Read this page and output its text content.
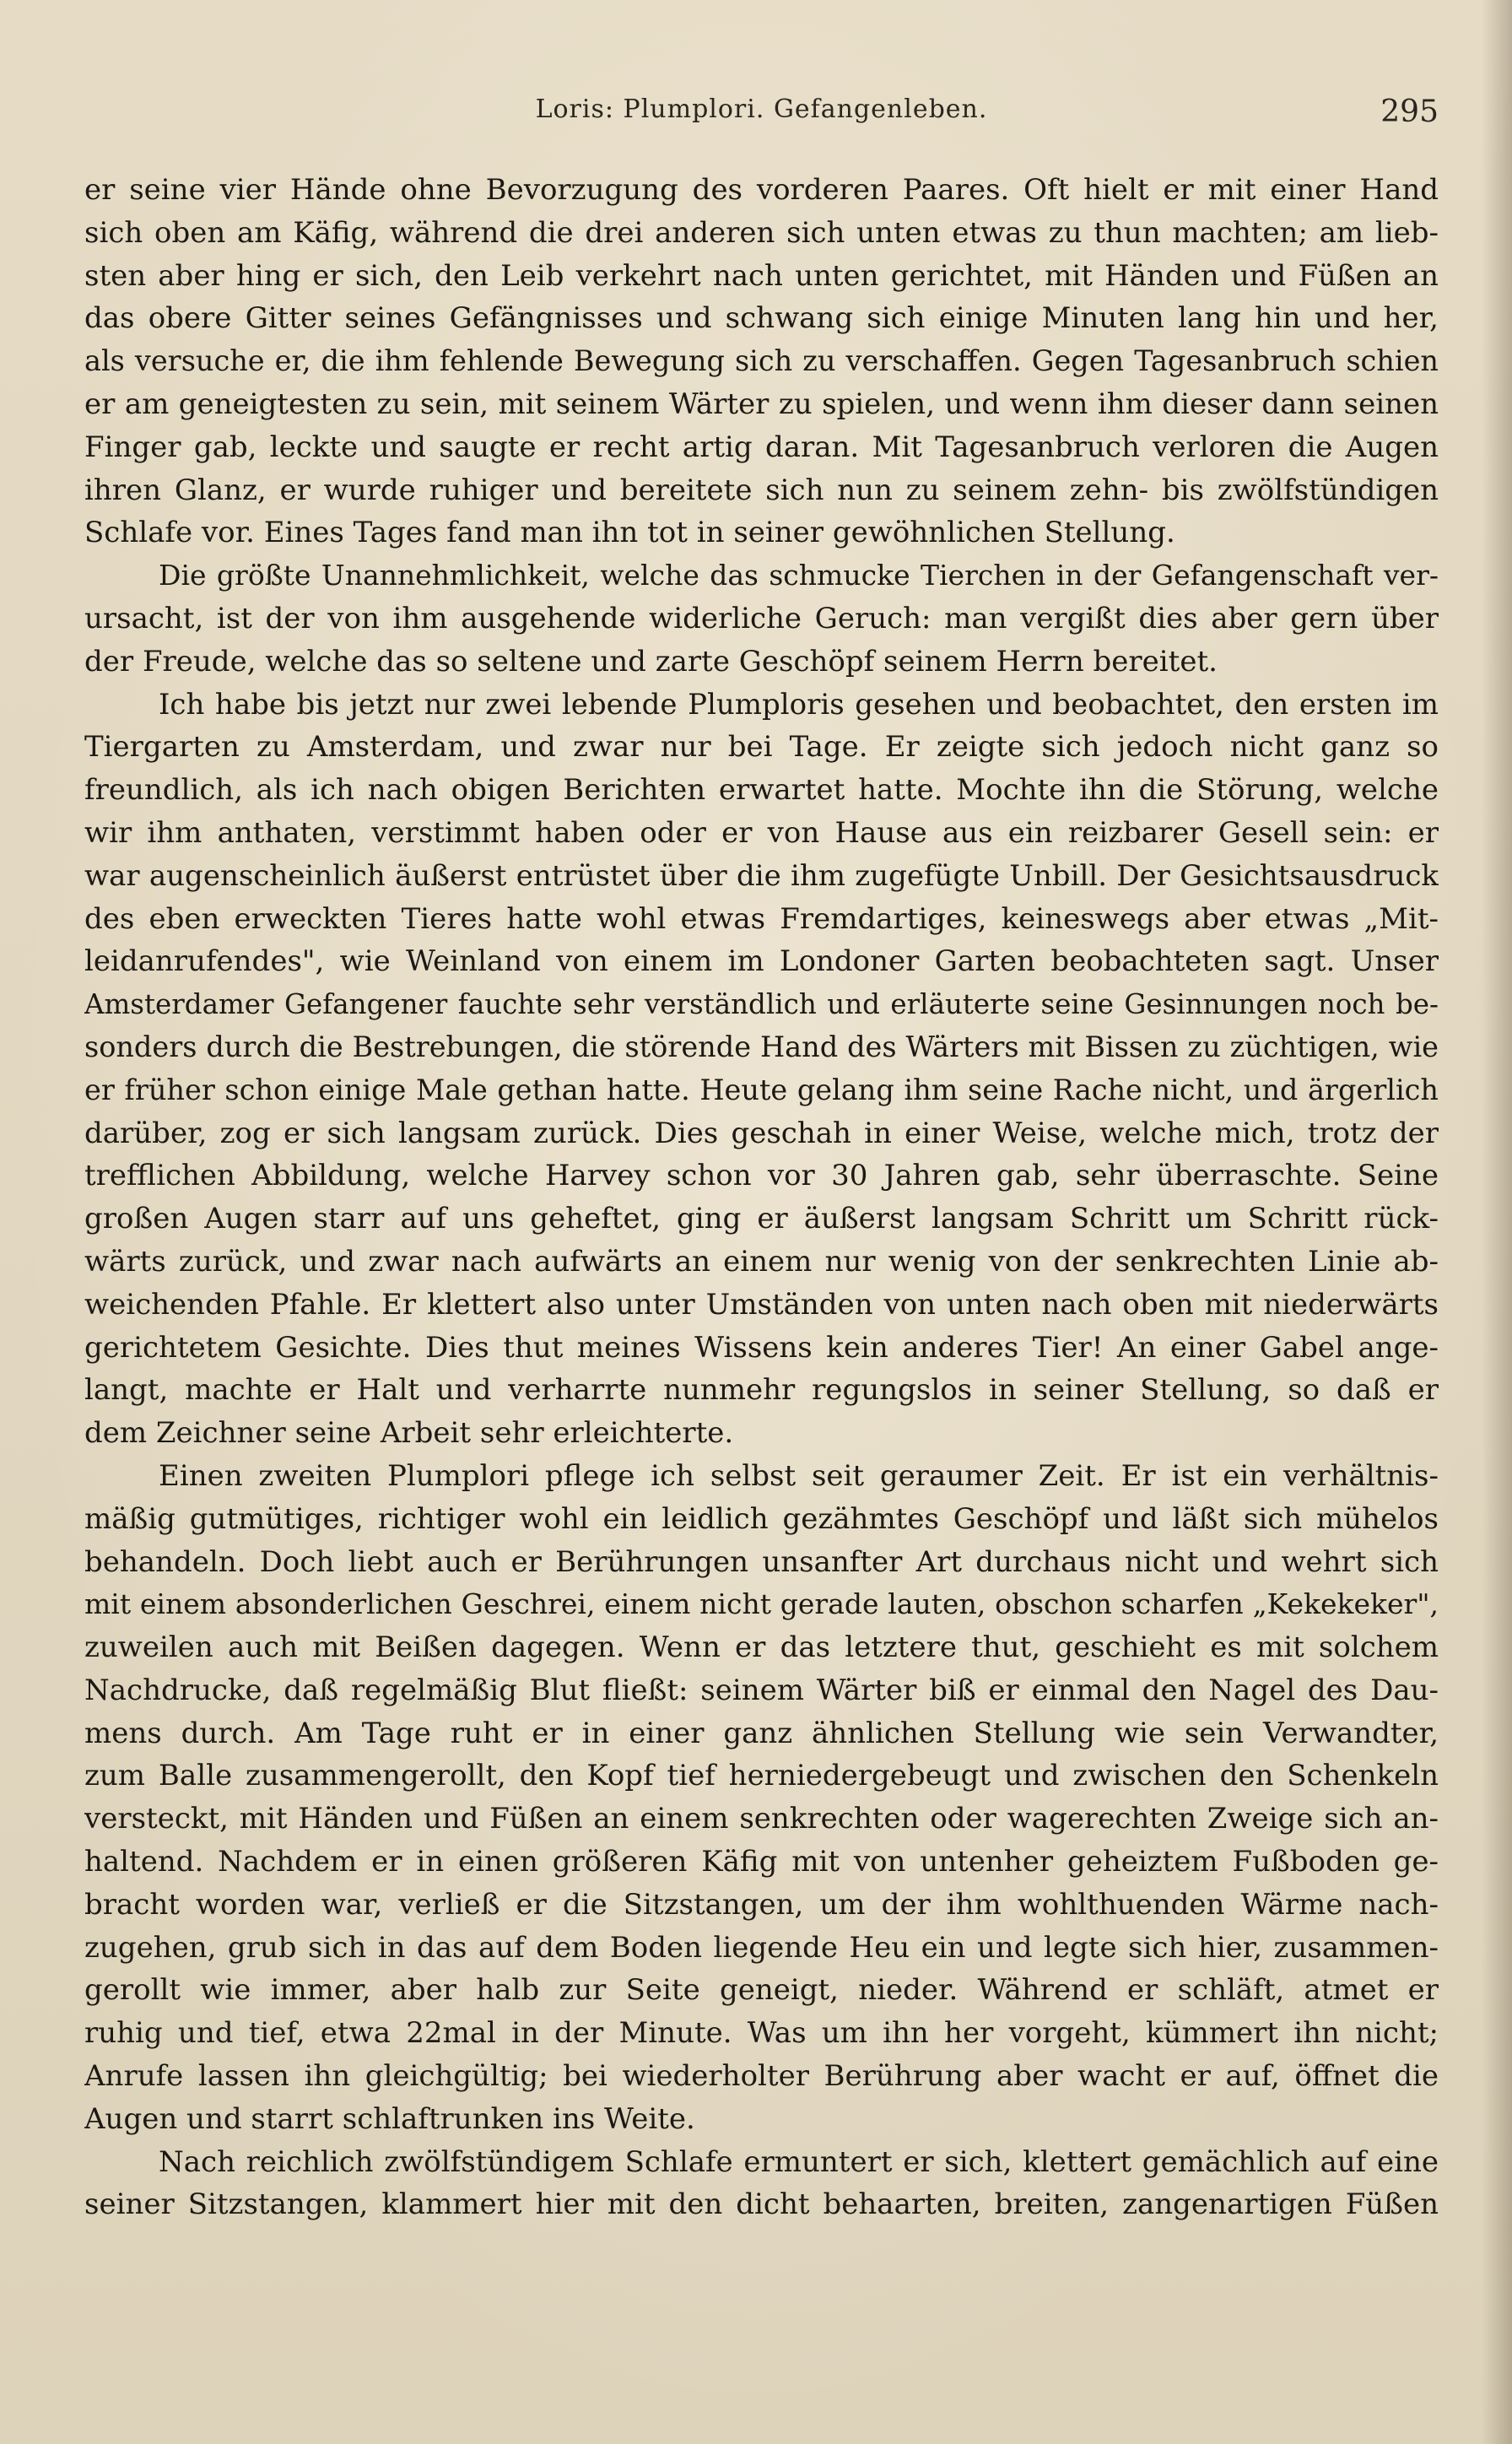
Loris: Plumplori. Gefangenleben.	295
er seine vier Hände ohne Bevorzugung des vorderen Paares. Oft hielt er mit einer Hand
sich oben am Käfig, während die drei anderen sich unten etwas zu thun machten; am lieb-
sten aber hing er sich, den Leib verkehrt nach unten gerichtet, mit Händen und Füßen an
das obere Gitter seines Gefängnisses und schwang sich einige Minuten lang hin und her,
als versuche er, die ihm fehlende Bewegung sich zu verschaffen. Gegen Tagesanbruch schien
er am geneigtesten zu sein, mit seinem Wärter zu spielen, und wenn ihm dieser dann seinen
Finger gab, leckte und saugte er recht artig daran. Mit Tagesanbruch verloren die Augen
ihren Glanz, er wurde ruhiger und bereitete sich nun zu seinem zehn- bis zwölfstündigen
Schlafe vor. Eines Tages fand man ihn tot in seiner gewöhnlichen Stellung.
Die größte Unannehmlichkeit, welche das schmucke Tierchen in der Gefangenschaft ver-
ursacht, ist der von ihm ausgehende widerliche Geruch: man vergißt dies aber gern über
der Freude, welche das so seltene und zarte Geschöpf seinem Herrn bereitet.
Ich habe bis jetzt nur zwei lebende Plumploris gesehen und beobachtet, den ersten im
Tiergarten zu Amsterdam, und zwar nur bei Tage. Er zeigte sich jedoch nicht ganz so
freundlich, als ich nach obigen Berichten erwartet hatte. Mochte ihn die Störung, welche
wir ihm anthaten, verstimmt haben oder er von Hause aus ein reizbarer Gesell sein: er
war augenscheinlich äußerst entrüstet über die ihm zugefügte Unbill. Der Gesichtsausdruck
des eben erweckten Tieres hatte wohl etwas Fremdartiges, keineswegs aber etwas „Mit-
leidanrufendes", wie Weinland von einem im Londoner Garten beobachteten sagt. Unser
Amsterdamer Gefangener fauchte sehr verständlich und erläuterte seine Gesinnungen noch be-
sonders durch die Bestrebungen, die störende Hand des Wärters mit Bissen zu züchtigen, wie
er früher schon einige Male gethan hatte. Heute gelang ihm seine Rache nicht, und ärgerlich
darüber, zog er sich langsam zurück. Dies geschah in einer Weise, welche mich, trotz der
trefflichen Abbildung, welche Harvey schon vor 30 Jahren gab, sehr überraschte. Seine
großen Augen starr auf uns geheftet, ging er äußerst langsam Schritt um Schritt rück-
wärts zurück, und zwar nach aufwärts an einem nur wenig von der senkrechten Linie ab-
weichenden Pfahle. Er klettert also unter Umständen von unten nach oben mit niederwärts
gerichtetem Gesichte. Dies thut meines Wissens kein anderes Tier! An einer Gabel ange-
langt, machte er Halt und verharrte nunmehr regungslos in seiner Stellung, so daß er
dem Zeichner seine Arbeit sehr erleichterte.
Einen zweiten Plumplori pflege ich selbst seit geraumer Zeit. Er ist ein verhältnis-
mäßig gutmütiges, richtiger wohl ein leidlich gezähmtes Geschöpf und läßt sich mühelos
behandeln. Doch liebt auch er Berührungen unsanfter Art durchaus nicht und wehrt sich
mit einem absonderlichen Geschrei, einem nicht gerade lauten, obschon scharfen „Kekekeker",
zuweilen auch mit Beißen dagegen. Wenn er das letztere thut, geschieht es mit solchem
Nachdrucke, daß regelmäßig Blut fließt: seinem Wärter biß er einmal den Nagel des Dau-
mens durch. Am Tage ruht er in einer ganz ähnlichen Stellung wie sein Verwandter,
zum Balle zusammengerollt, den Kopf tief herniedergebeugt und zwischen den Schenkeln
versteckt, mit Händen und Füßen an einem senkrechten oder wagerechten Zweige sich an-
haltend. Nachdem er in einen größeren Käfig mit von untenher geheiztem Fußboden ge-
bracht worden war, verließ er die Sitzstangen, um der ihm wohlthuenden Wärme nach-
zugehen, grub sich in das auf dem Boden liegende Heu ein und legte sich hier, zusammen-
gerollt wie immer, aber halb zur Seite geneigt, nieder. Während er schläft, atmet er
ruhig und tief, etwa 22mal in der Minute. Was um ihn her vorgeht, kümmert ihn nicht;
Anrufe lassen ihn gleichgültig; bei wiederholter Berührung aber wacht er auf, öffnet die
Augen und starrt schlaftrunken ins Weite.
Nach reichlich zwölfstündigem Schlafe ermuntert er sich, klettert gemächlich auf eine
seiner Sitzstangen, klammert hier mit den dicht behaarten, breiten, zangenartigen Füßen
